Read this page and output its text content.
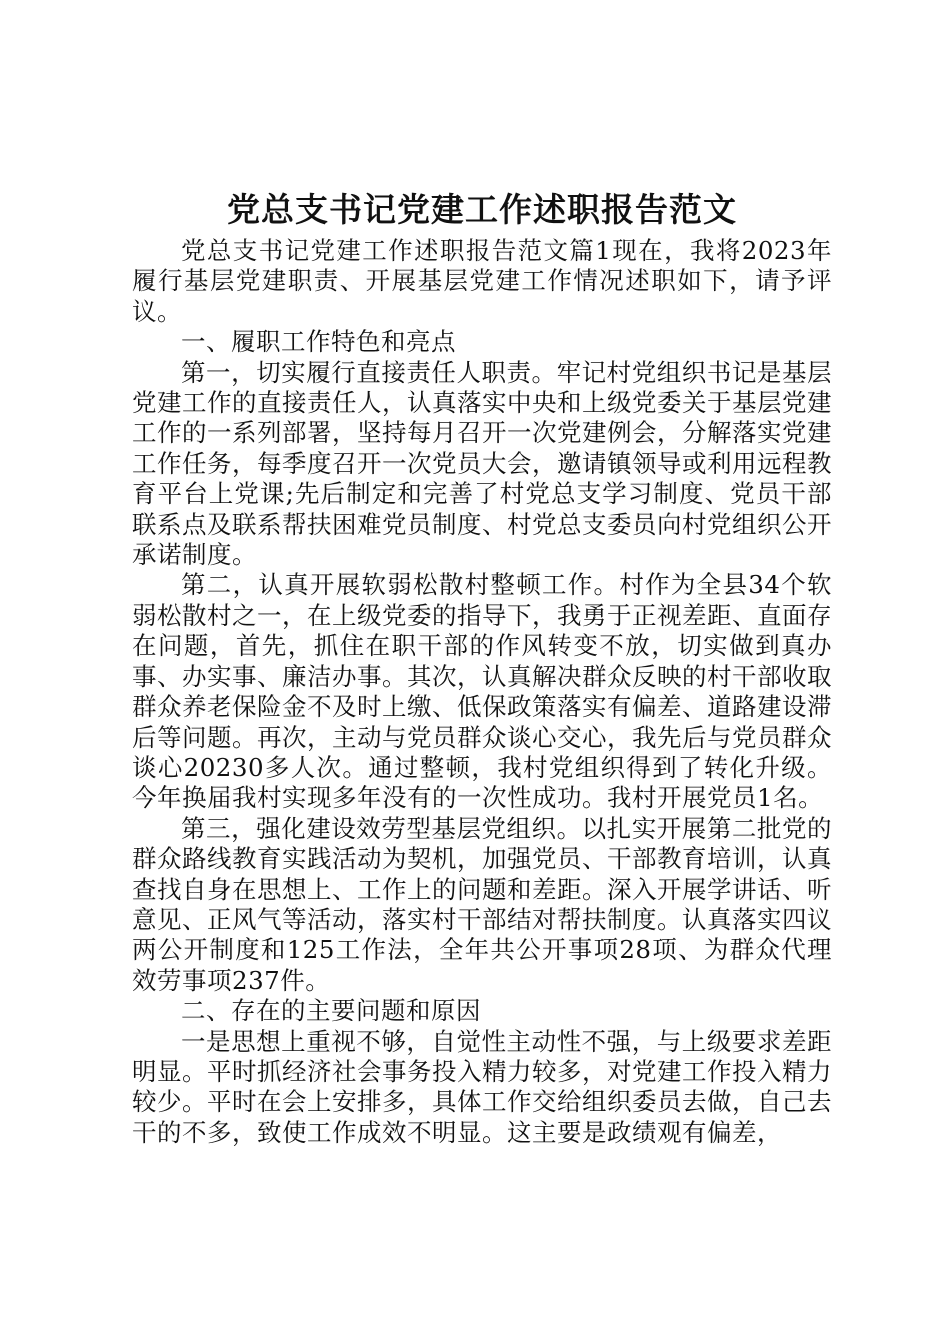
党总支书记党建工作述职报告范文

党总支书记党建工作述职报告范文篇1现在，我将2023年履行基层党建职责、开展基层党建工作情况述职如下，请予评议。

一、履职工作特色和亮点

第一，切实履行直接责任人职责。牢记村党组织书记是基层党建工作的直接责任人，认真落实中央和上级党委关于基层党建工作的一系列部署，坚持每月召开一次党建例会，分解落实党建工作任务，每季度召开一次党员大会，邀请镇领导或利用远程教育平台上党课;先后制定和完善了村党总支学习制度、党员干部联系点及联系帮扶困难党员制度、村党总支委员向村党组织公开承诺制度。

第二，认真开展软弱松散村整顿工作。村作为全县34个软弱松散村之一，在上级党委的指导下，我勇于正视差距、直面存在问题，首先，抓住在职干部的作风转变不放，切实做到真办事、办实事、廉洁办事。其次，认真解决群众反映的村干部收取群众养老保险金不及时上缴、低保政策落实有偏差、道路建设滞后等问题。再次，主动与党员群众谈心交心，我先后与党员群众谈心20230多人次。通过整顿，我村党组织得到了转化升级。今年换届我村实现多年没有的一次性成功。我村开展党员1名。

第三，强化建设效劳型基层党组织。以扎实开展第二批党的群众路线教育实践活动为契机，加强党员、干部教育培训，认真查找自身在思想上、工作上的问题和差距。深入开展学讲话、听意见、正风气等活动，落实村干部结对帮扶制度。认真落实四议两公开制度和125工作法，全年共公开事项28项、为群众代理效劳事项237件。

二、存在的主要问题和原因

一是思想上重视不够，自觉性主动性不强，与上级要求差距明显。平时抓经济社会事务投入精力较多，对党建工作投入精力较少。平时在会上安排多，具体工作交给组织委员去做，自己去干的不多，致使工作成效不明显。这主要是政绩观有偏差，
